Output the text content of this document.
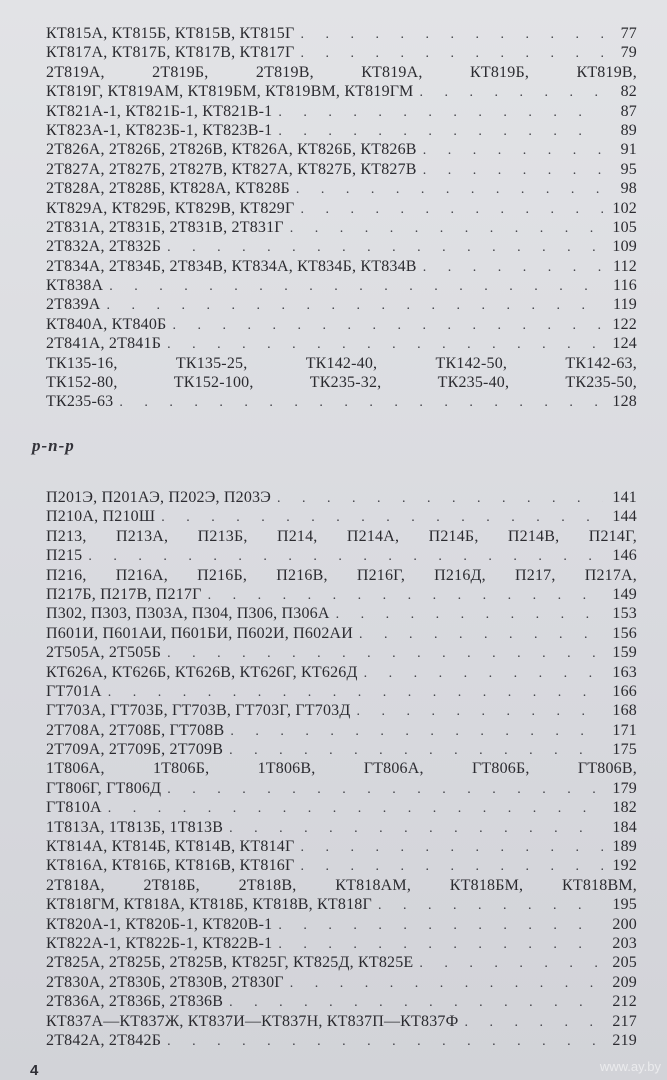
КТ815А, КТ815Б, КТ815В, КТ815Г . . .	77
КТ817А, КТ817Б, КТ817В, КТ817Г . . .	79
2Т819А,	2Т819Б,	2Т819В,	КТ819А,	КТ819Б,	КТ819В,
КТ819Г, КТ819АМ, КТ819БМ, КТ819ВМ, КТ819ГМ . . .	82
КТ821А-1, КТ821Б-1, КТ821В-1 . . .	87
КТ823А-1, КТ823Б-1, КТ823В-1 . . .	89
2Т826А, 2Т826Б, 2Т826В, КТ826А, КТ826Б, КТ826В . . .	91
2Т827А, 2Т827Б, 2Т827В, КТ827А, КТ827Б, КТ827В . . .	95
2Т828А, 2Т828Б, КТ828А, КТ828Б . . .	98
КТ829А, КТ829Б, КТ829В, КТ829Г . . .	102
2Т831А, 2Т831Б, 2Т831В, 2Т831Г . . .	105
2Т832А, 2Т832Б . . .	109
2Т834А, 2Т834Б, 2Т834В, КТ834А, КТ834Б, КТ834В . . .	112
КТ838А . . .	116
2Т839А . . .	119
КТ840А, КТ840Б . . .	122
2Т841А, 2Т841Б . . .	124
ТК135-16,	ТК135-25,	ТК142-40,	ТК142-50,	ТК142-63,
ТК152-80,	ТК152-100,	ТК235-32,	ТК235-40,	ТК235-50,
ТК235-63 . . .	128
p-n-p
П201Э, П201АЭ, П202Э, П203Э . . .	141
П210А, П210Ш . . .	144
П213, П213А, П213Б, П214, П214А, П214Б, П214В, П214Г,
П215 . . .	146
П216, П216А, П216Б, П216В, П216Г, П216Д, П217, П217А,
П217Б, П217В, П217Г . . .	149
П302, П303, П303А, П304, П306, П306А . . .	153
П601И, П601АИ, П601БИ, П602И, П602АИ . . .	156
2Т505А, 2Т505Б . . .	159
КТ626А, КТ626Б, КТ626В, КТ626Г, КТ626Д . . .	163
ГТ701А . . .	166
ГТ703А, ГТ703Б, ГТ703В, ГТ703Г, ГТ703Д . . .	168
2Т708А, 2Т708Б, ГТ708В . . .	171
2Т709А, 2Т709Б, 2Т709В . . .	175
1Т806А,	1Т806Б,	1Т806В,	ГТ806А,	ГТ806Б,	ГТ806В,
ГТ806Г, ГТ806Д . . .	179
ГТ810А . . .	182
1Т813А, 1Т813Б, 1Т813В . . .	184
КТ814А, КТ814Б, КТ814В, КТ814Г . . .	189
КТ816А, КТ816Б, КТ816В, КТ816Г . . .	192
2Т818А, 2Т818Б, 2Т818В, КТ818АМ, КТ818БМ, КТ818ВМ,
КТ818ГМ, КТ818А, КТ818Б, КТ818В, КТ818Г . . .	195
КТ820А-1, КТ820Б-1, КТ820В-1 . . .	200
КТ822А-1, КТ822Б-1, КТ822В-1 . . .	203
2Т825А, 2Т825Б, 2Т825В, КТ825Г, КТ825Д, КТ825Е . . .	205
2Т830А, 2Т830Б, 2Т830В, 2Т830Г . . .	209
2Т836А, 2Т836Б, 2Т836В . . .	212
КТ837А—КТ837Ж, КТ837И—КТ837Н, КТ837П—КТ837Ф . . .	217
2Т842А, 2Т842Б . . .	219
4	www.ay.by
